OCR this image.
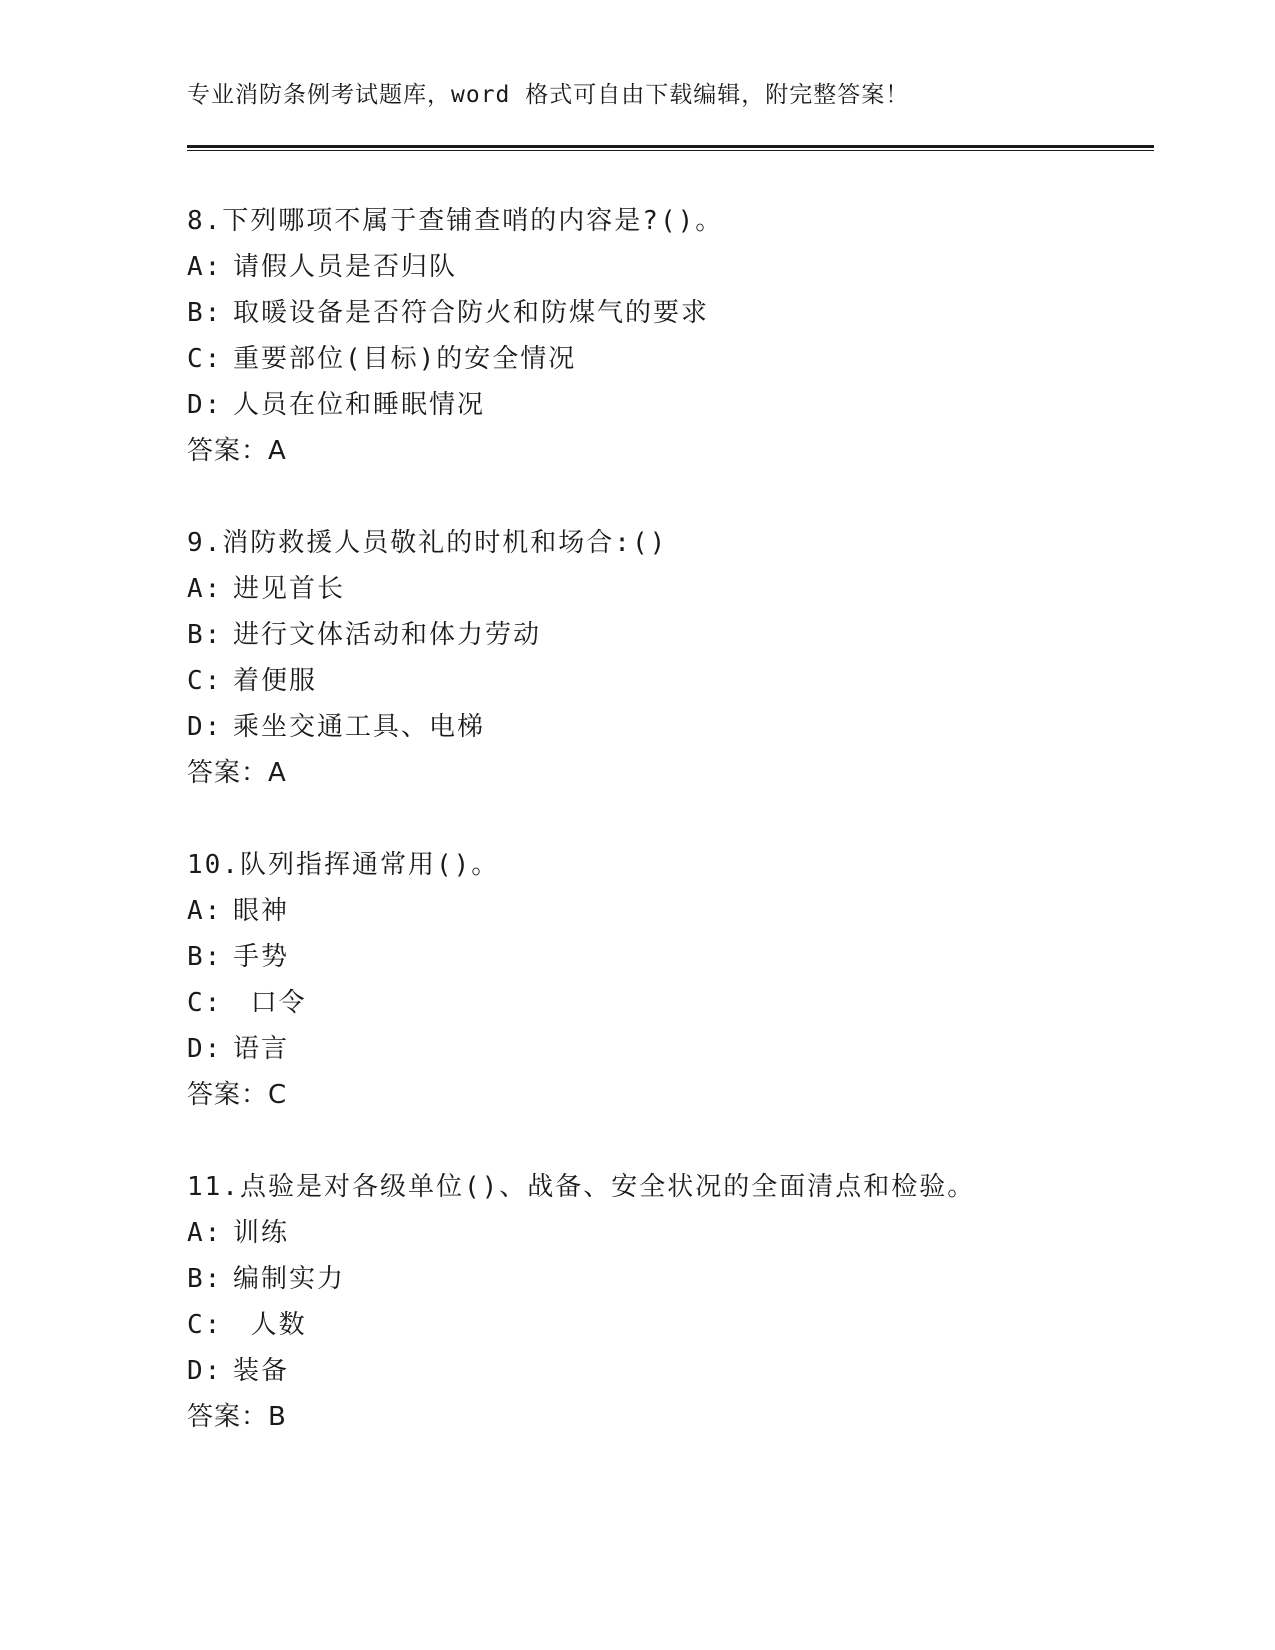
专业消防条例考试题库，word 格式可自由下载编辑，附完整答案！
8.下列哪项不属于查铺查哨的内容是?()。
A: 请假人员是否归队
B: 取暖设备是否符合防火和防煤气的要求
C: 重要部位(目标)的安全情况
D: 人员在位和睡眠情况
答案：A
9.消防救援人员敬礼的时机和场合:()
A: 进见首长
B: 进行文体活动和体力劳动
C: 着便服
D: 乘坐交通工具、电梯
答案：A
10.队列指挥通常用()。
A: 眼神
B: 手势
C: 口令
D: 语言
答案：C
11.点验是对各级单位()、战备、安全状况的全面清点和检验。
A: 训练
B: 编制实力
C: 人数
D: 装备
答案：B
